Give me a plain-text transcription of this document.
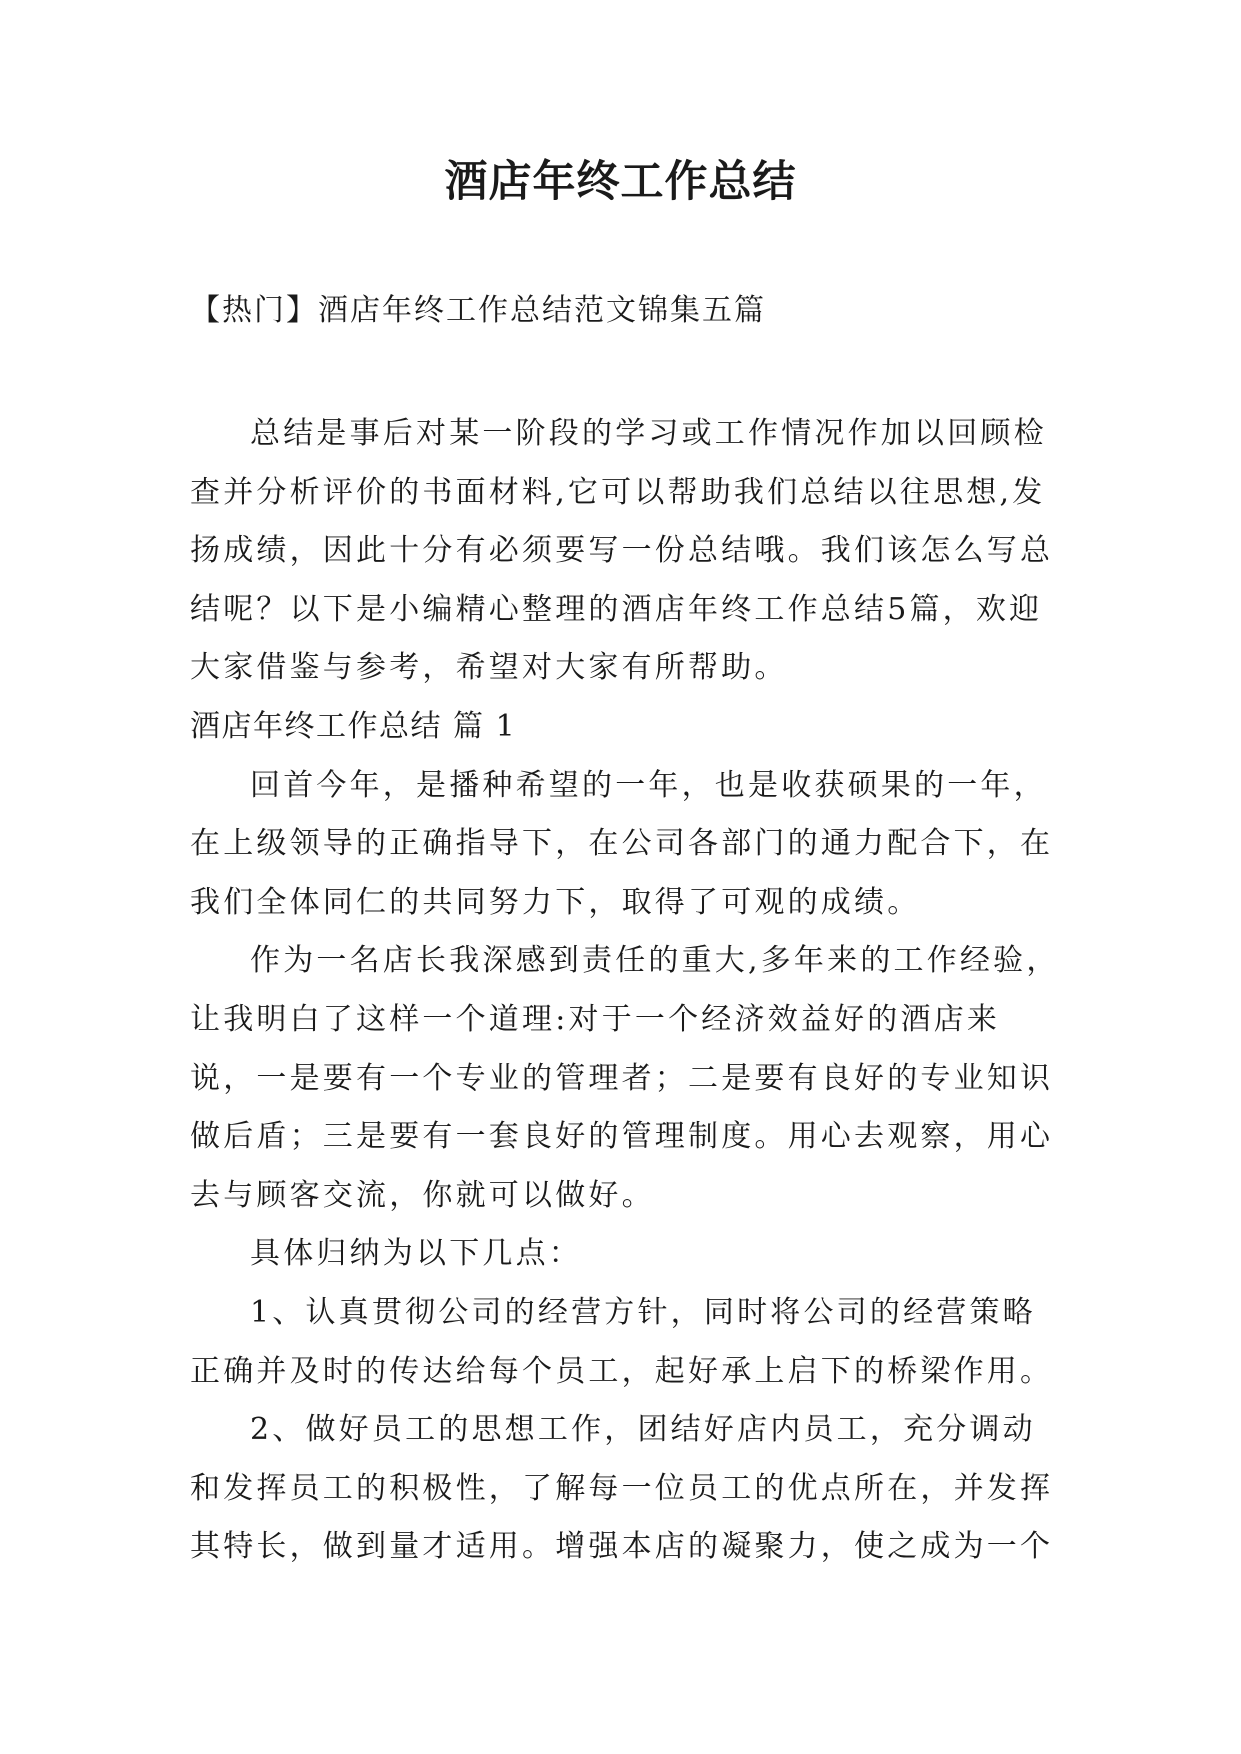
酒店年终工作总结

【热门】酒店年终工作总结范文锦集五篇

总结是事后对某一阶段的学习或工作情况作加以回顾检查并分析评价的书面材料,它可以帮助我们总结以往思想,发扬成绩，因此十分有必须要写一份总结哦。我们该怎么写总结呢？以下是小编精心整理的酒店年终工作总结5篇，欢迎大家借鉴与参考，希望对大家有所帮助。

酒店年终工作总结 篇 1

回首今年，是播种希望的一年，也是收获硕果的一年，在上级领导的正确指导下，在公司各部门的通力配合下，在我们全体同仁的共同努力下，取得了可观的成绩。

作为一名店长我深感到责任的重大,多年来的工作经验，让我明白了这样一个道理:对于一个经济效益好的酒店来说，一是要有一个专业的管理者；二是要有良好的专业知识做后盾；三是要有一套良好的管理制度。用心去观察，用心去与顾客交流，你就可以做好。

具体归纳为以下几点：

1、认真贯彻公司的经营方针，同时将公司的经营策略正确并及时的传达给每个员工，起好承上启下的桥梁作用。

2、做好员工的思想工作，团结好店内员工，充分调动和发挥员工的积极性，了解每一位员工的优点所在，并发挥其特长，做到量才适用。增强本店的凝聚力，使之成为一个
